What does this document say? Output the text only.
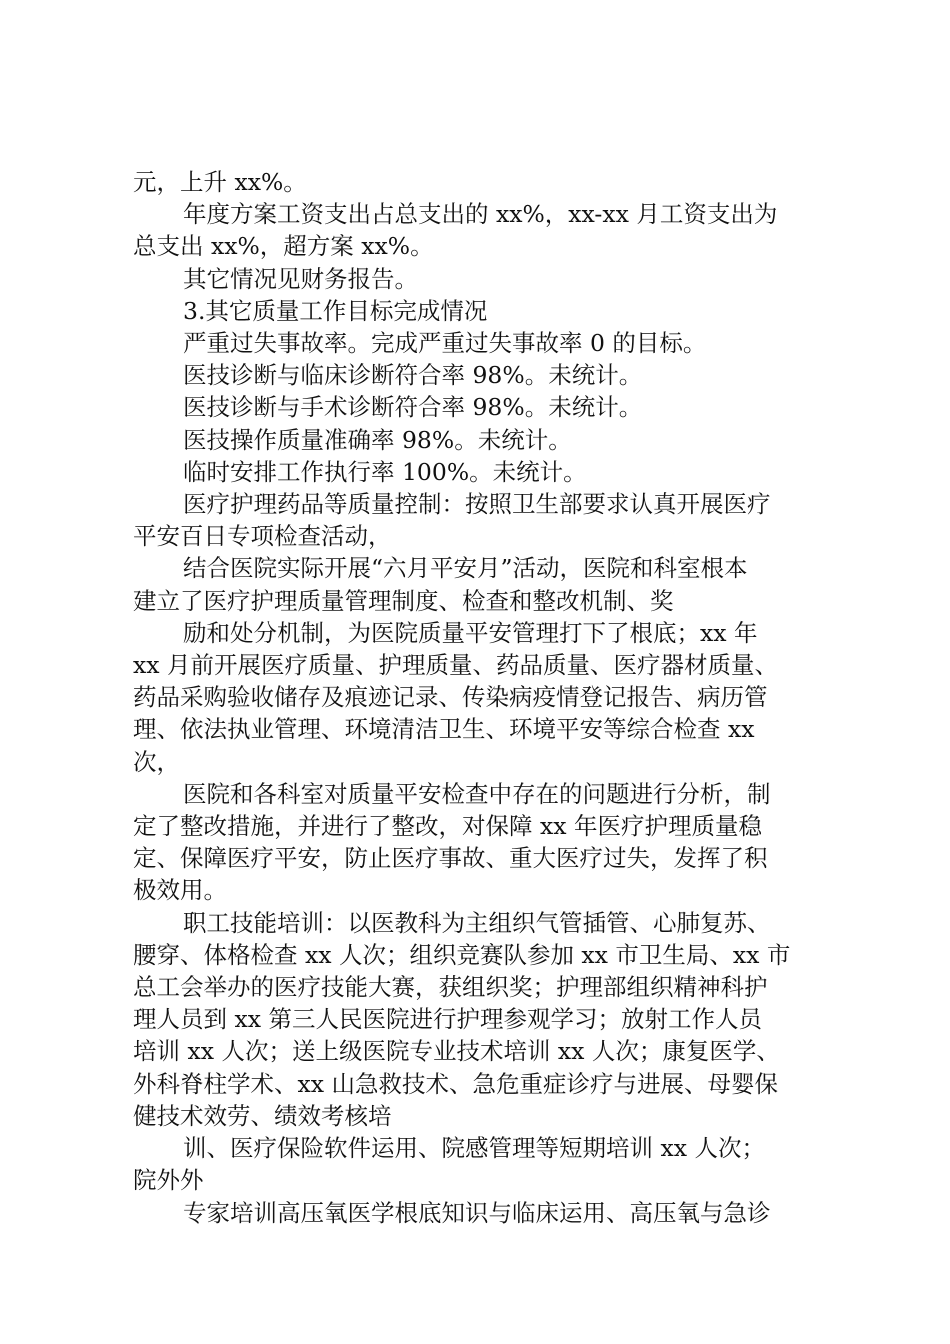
元，上升 xx%。

年度方案工资支出占总支出的 xx%，xx-xx 月工资支出为

总支出 xx%，超方案 xx%。

其它情况见财务报告。

3.其它质量工作目标完成情况

严重过失事故率。完成严重过失事故率 0 的目标。

医技诊断与临床诊断符合率 98%。未统计。

医技诊断与手术诊断符合率 98%。未统计。

医技操作质量准确率 98%。未统计。

临时安排工作执行率 100%。未统计。

医疗护理药品等质量控制：按照卫生部要求认真开展医疗

平安百日专项检查活动，

结合医院实际开展“六月平安月”活动，医院和科室根本

建立了医疗护理质量管理制度、检查和整改机制、奖

励和处分机制，为医院质量平安管理打下了根底；xx 年

xx 月前开展医疗质量、护理质量、药品质量、医疗器材质量、

药品采购验收储存及痕迹记录、传染病疫情登记报告、病历管

理、依法执业管理、环境清洁卫生、环境平安等综合检查 xx

次，

医院和各科室对质量平安检查中存在的问题进行分析，制

定了整改措施，并进行了整改，对保障 xx 年医疗护理质量稳

定、保障医疗平安，防止医疗事故、重大医疗过失，发挥了积

极效用。

职工技能培训：以医教科为主组织气管插管、心肺复苏、

腰穿、体格检查 xx 人次；组织竞赛队参加 xx 市卫生局、xx 市

总工会举办的医疗技能大赛，获组织奖；护理部组织精神科护

理人员到 xx 第三人民医院进行护理参观学习；放射工作人员

培训 xx 人次；送上级医院专业技术培训 xx 人次；康复医学、

外科脊柱学术、xx 山急救技术、急危重症诊疗与进展、母婴保

健技术效劳、绩效考核培

训、医疗保险软件运用、院感管理等短期培训 xx 人次；

院外外

专家培训高压氧医学根底知识与临床运用、高压氧与急诊
